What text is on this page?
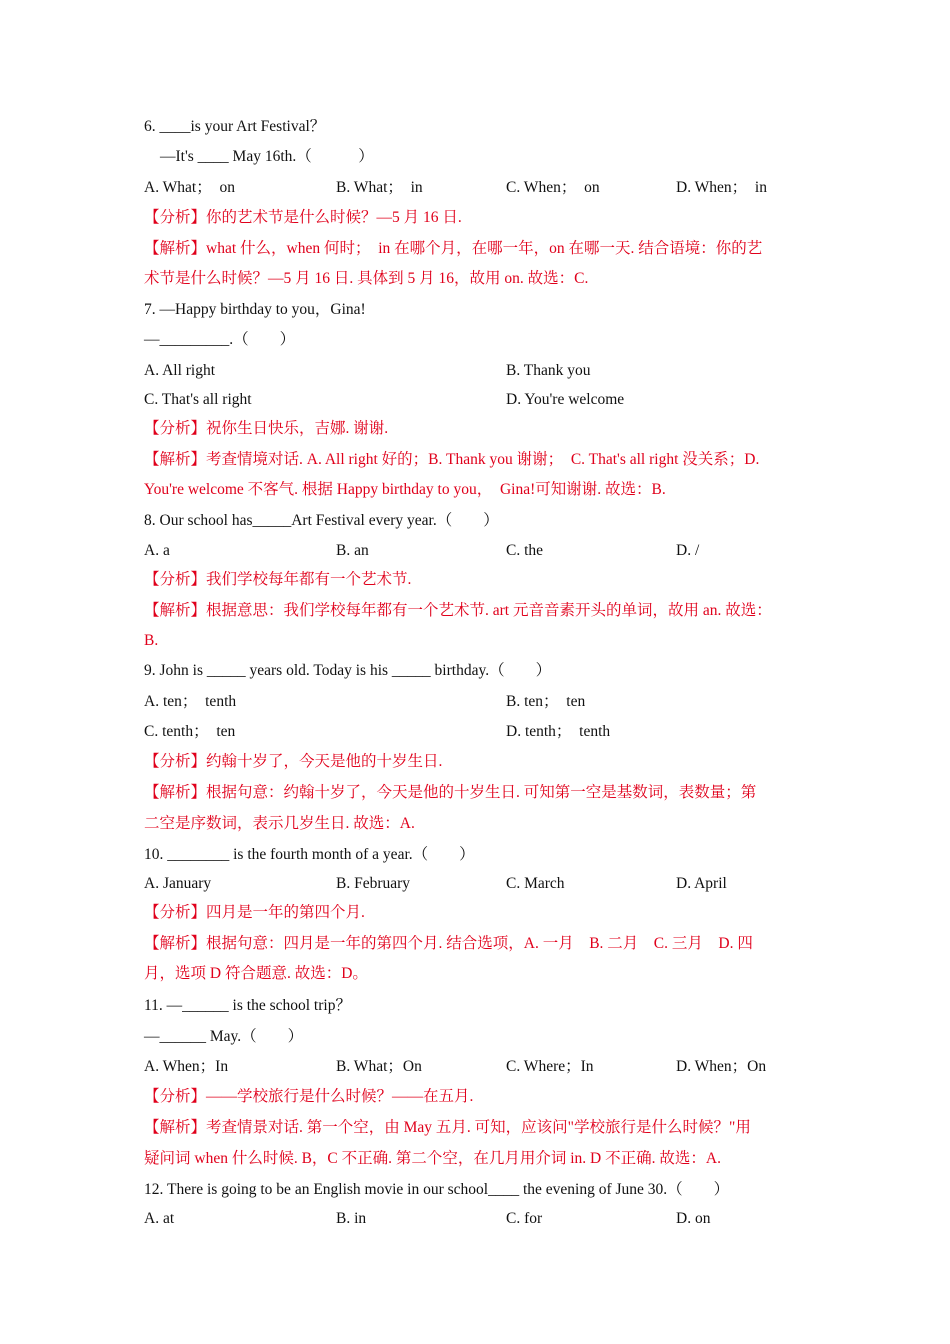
6. ____is your Art Festival？
—It's ____ May 16th.（　　　）
A. What；　on	B. What；　in	C. When；　on	D. When；　in
【分析】你的艺术节是什么时候？—5 月 16 日.
【解析】what 什么，when 何时；　in 在哪个月，在哪一年，on 在哪一天. 结合语境：你的艺
术节是什么时候？—5 月 16 日. 具体到 5 月 16，故用 on. 故选：C.
7. —Happy birthday to you，Gina!
—_________.（　　）
A. All right	B. Thank you
C. That's all right	D. You're welcome
【分析】祝你生日快乐，吉娜. 谢谢.
【解析】考查情境对话. A. All right 好的；B. Thank you 谢谢；　C. That's all right 没关系；D.
You're welcome 不客气. 根据 Happy birthday to you，　Gina!可知谢谢. 故选：B.
8. Our school has_____Art Festival every year.（　　）
A. a	B. an	C. the	D. /
【分析】我们学校每年都有一个艺术节.
【解析】根据意思：我们学校每年都有一个艺术节. art 元音音素开头的单词，故用 an. 故选：
B.
9. John is _____ years old. Today is his _____ birthday.（　　）
A. ten；　tenth	B. ten；　ten
C. tenth；　ten	D. tenth；　tenth
【分析】约翰十岁了，今天是他的十岁生日.
【解析】根据句意：约翰十岁了，今天是他的十岁生日. 可知第一空是基数词，表数量；第
二空是序数词，表示几岁生日. 故选：A.
10. ________ is the fourth month of a year.（　　）
A. January	B. February	C. March	D. April
【分析】四月是一年的第四个月.
【解析】根据句意：四月是一年的第四个月. 结合选项，A. 一月　B. 二月　C. 三月　D. 四
月，选项 D 符合题意. 故选：D。
11. —______ is the school trip？
—______ May.（　　）
A. When；In	B. What；On	C. Where；In	D. When；On
【分析】——学校旅行是什么时候？——在五月.
【解析】考查情景对话. 第一个空，由 May 五月. 可知，应该问"学校旅行是什么时候？"用
疑问词 when 什么时候. B，C 不正确. 第二个空，在几月用介词 in. D 不正确. 故选：A.
12. There is going to be an English movie in our school____ the evening of June 30.（　　）
A. at	B. in	C. for	D. on
